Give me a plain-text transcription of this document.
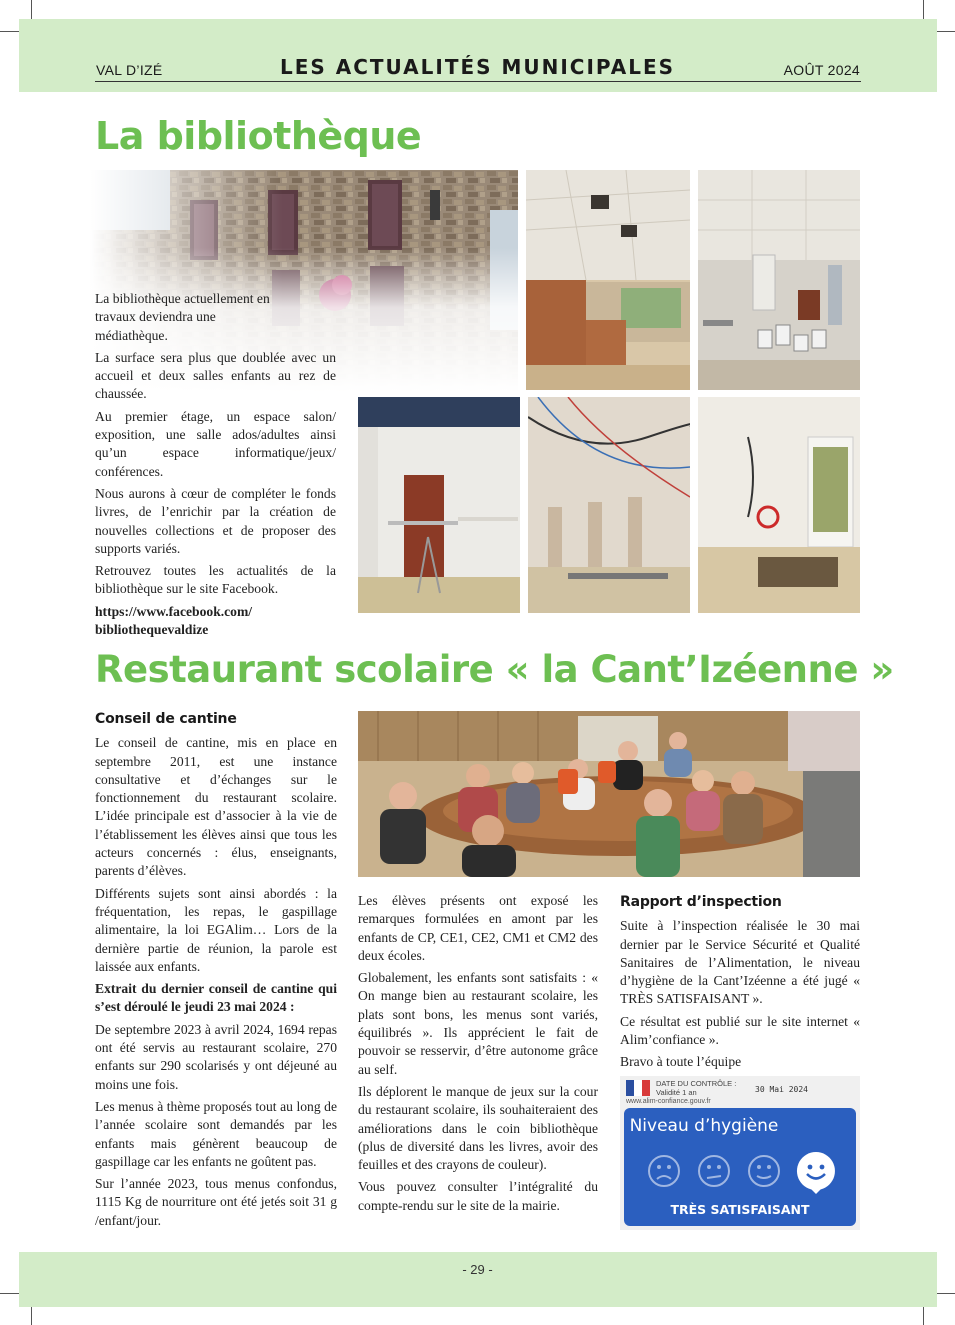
VAL D’IZÉ	LES ACTUALITÉS MUNICIPALES	AOÛT 2024
La bibliothèque

La bibliothèque actuellement en travaux deviendra une médiathèque.

La surface sera plus que doublée avec un accueil et deux salles enfants au rez de chaussée.

Au premier étage, un espace salon/ exposition, une salle ados/adultes ainsi qu’un espace informatique/jeux/ conférences.

Nous aurons à cœur de compléter le fonds livres, de l’enrichir par la création de nouvelles collections et de proposer des supports variés.

Retrouvez toutes les actualités de la bibliothèque sur le site Facebook.

https://www.facebook.com/
bibliothequevaldize

Restaurant scolaire « la Cant’Izéenne »
Conseil de cantine

Le conseil de cantine, mis en place en septembre 2011, est une instance consultative et d’échanges sur le fonctionnement du restaurant scolaire. L’idée principale est d’associer à la vie de l’établissement les élèves ainsi que tous les acteurs concernés : élus, enseignants, parents d’élèves.

Différents sujets sont ainsi abordés : la fréquentation, les repas, le gaspillage alimentaire, la loi EGAlim… Lors de la dernière partie de réunion, la parole est laissée aux enfants.

Extrait du dernier conseil de cantine qui s’est déroulé le jeudi 23 mai 2024 :

De septembre 2023 à avril 2024, 1694 repas ont été servis au restaurant scolaire, 270 enfants sur 290 scolarisés y ont déjeuné au moins une fois.

Les menus à thème proposés tout au long de l’année scolaire sont demandés par les enfants mais génèrent beaucoup de gaspillage car les enfants ne goûtent pas.

Sur l’année 2023, tous menus confondus, 1115 Kg de nourriture ont été jetés soit 31 g /enfant/jour.

Les élèves présents ont exposé les remarques formulées en amont par les enfants de CP, CE1, CE2, CM1 et CM2 des deux écoles.

Globalement, les enfants sont satisfaits : « On mange bien au restaurant scolaire, les plats sont bons, les menus sont variés, équilibrés ». Ils apprécient le fait de pouvoir se resservir, d’être autonome grâce au self.

Ils déplorent le manque de jeux sur la cour du restaurant scolaire, ils souhaiteraient des améliorations dans le coin bibliothèque (plus de diversité dans les livres, avoir des feuilles et des crayons de couleur).

Vous pouvez consulter l’intégralité du compte-rendu sur le site de la mairie.

Rapport d’inspection

Suite à l’inspection réalisée le 30 mai dernier par le Service Sécurité et Qualité Sanitaires de l’Alimentation, le niveau d’hygiène de la Cant’Izéenne a été jugé « TRÈS SATISFAISANT ».

Ce résultat est publié sur le site internet « Alim’confiance ».

Bravo à toute l’équipe

DATE DU CONTRÔLE :
Validité 1 an	30 Mai 2024
www.alim-confiance.gouv.fr
Niveau d’hygiène
TRÈS SATISFAISANT
- 29 -
